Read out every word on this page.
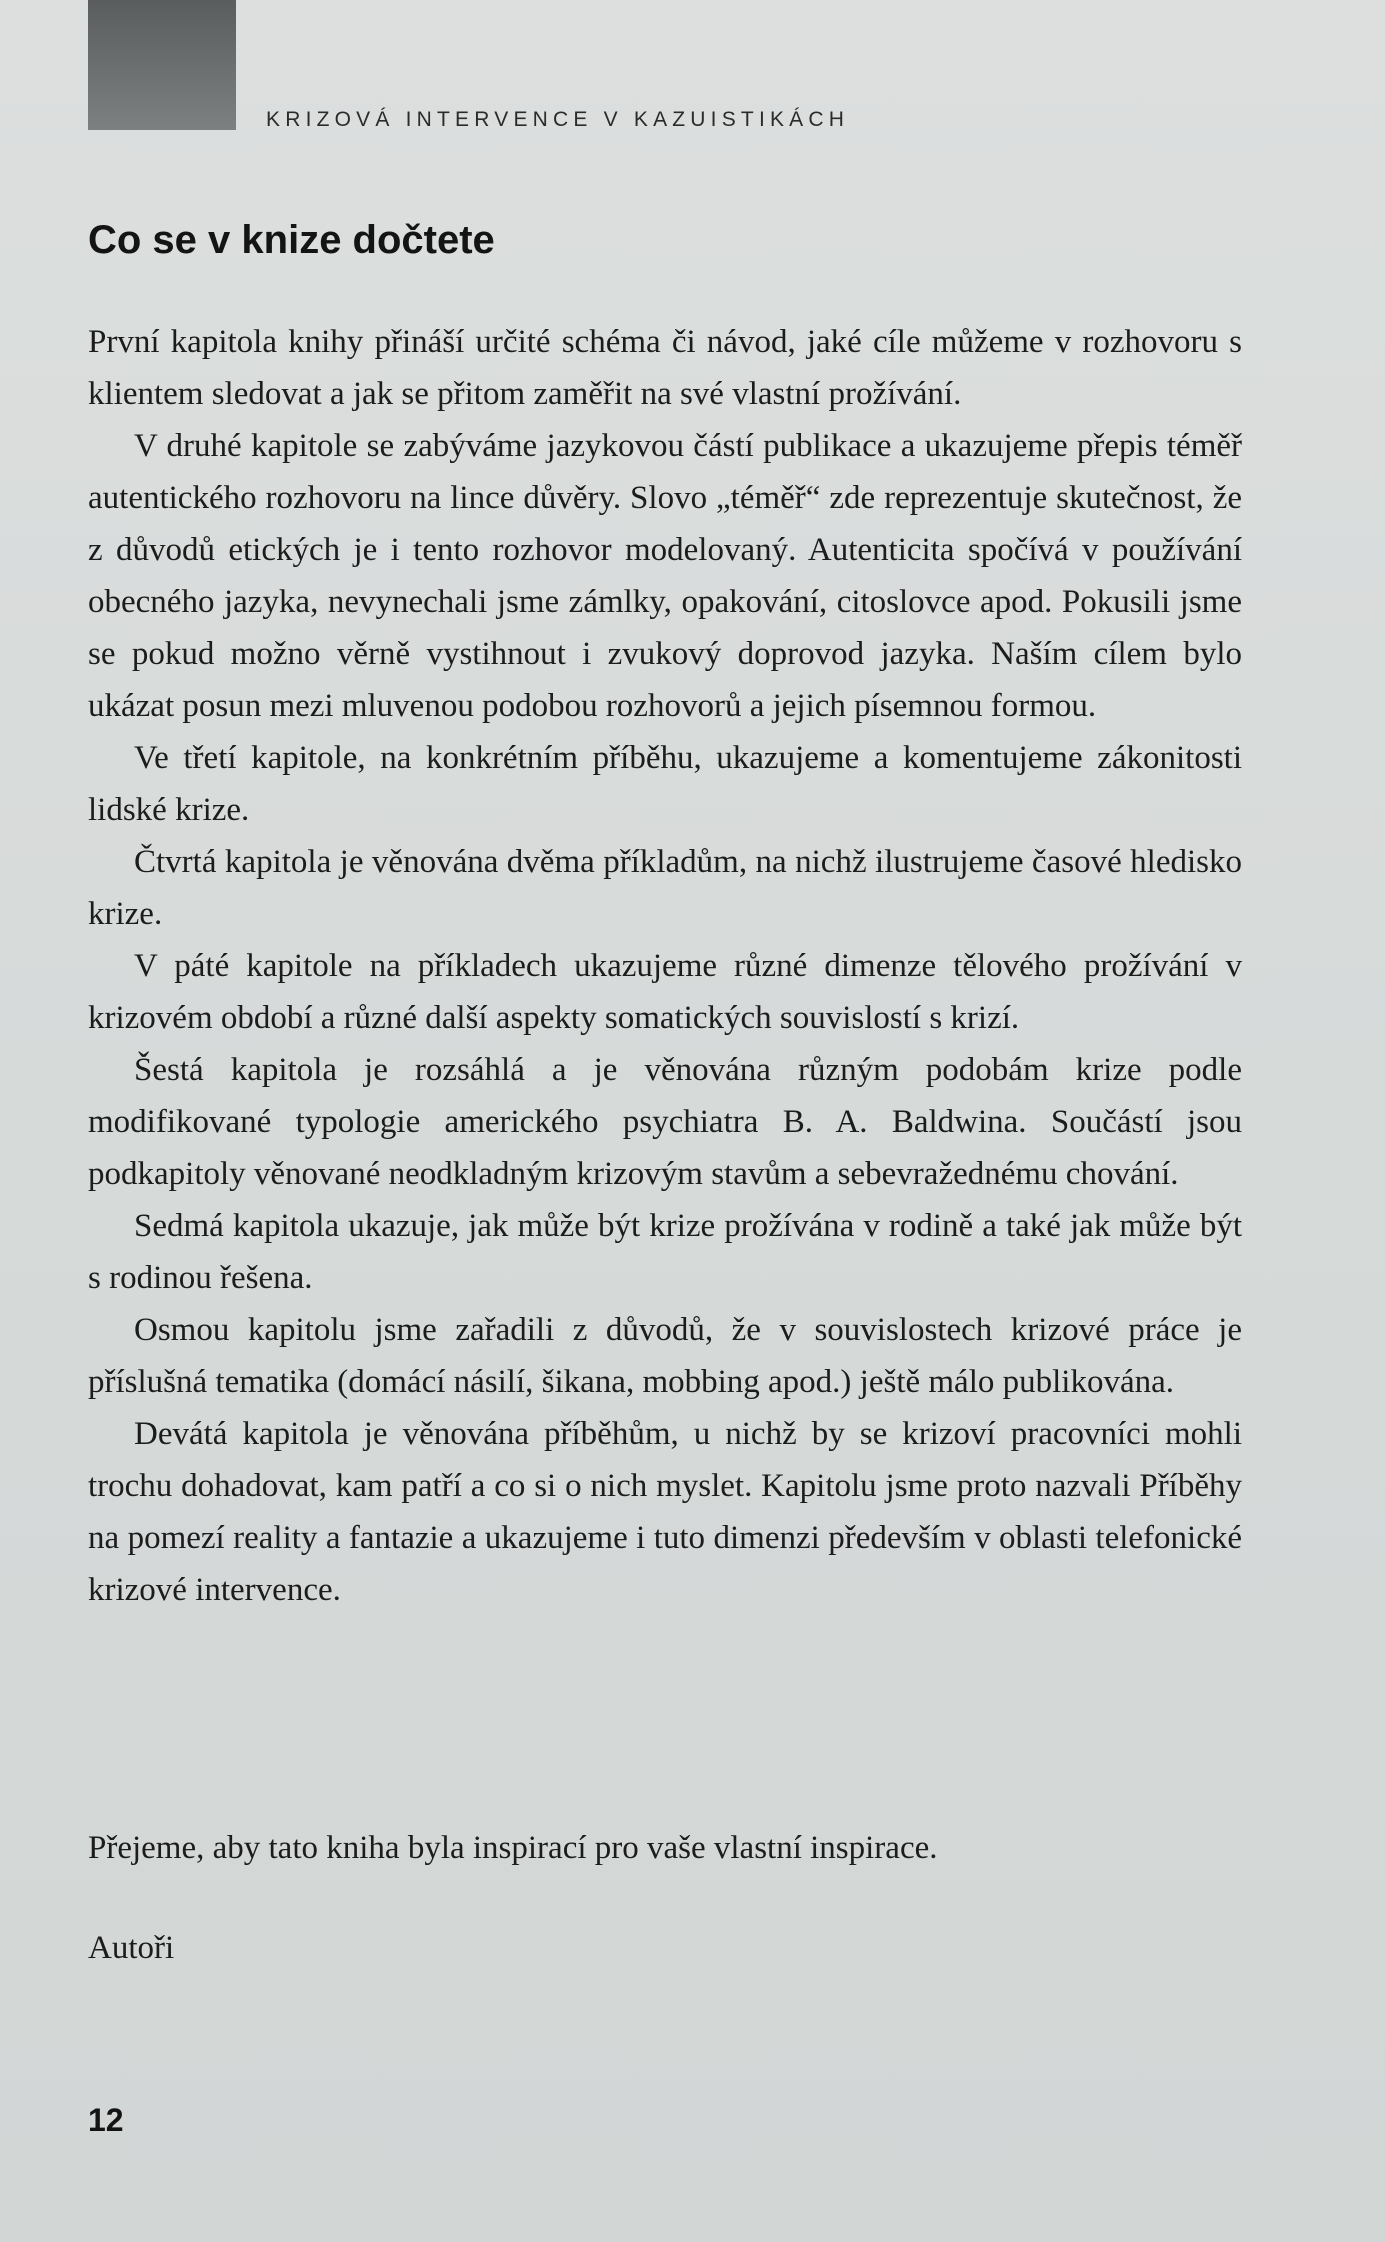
KRIZOVÁ INTERVENCE V KAZUISTIKÁCH
Co se v knize dočtete

První kapitola knihy přináší určité schéma či návod, jaké cíle můžeme v rozhovoru s klientem sledovat a jak se přitom zaměřit na své vlastní prožívání.

V druhé kapitole se zabýváme jazykovou částí publikace a ukazujeme přepis téměř autentického rozhovoru na lince důvěry. Slovo „téměř“ zde reprezentuje skutečnost, že z důvodů etických je i tento rozhovor modelovaný. Autenticita spočívá v používání obecného jazyka, nevynechali jsme zámlky, opakování, citoslovce apod. Pokusili jsme se pokud možno věrně vystihnout i zvukový doprovod jazyka. Naším cílem bylo ukázat posun mezi mluvenou podobou rozhovorů a jejich písemnou formou.

Ve třetí kapitole, na konkrétním příběhu, ukazujeme a komentujeme zákonitosti lidské krize.

Čtvrtá kapitola je věnována dvěma příkladům, na nichž ilustrujeme časové hledisko krize.

V páté kapitole na příkladech ukazujeme různé dimenze tělového prožívání v krizovém období a různé další aspekty somatických souvislostí s krizí.

Šestá kapitola je rozsáhlá a je věnována různým podobám krize podle modifikované typologie amerického psychiatra B. A. Baldwina. Součástí jsou podkapitoly věnované neodkladným krizovým stavům a sebevražednému chování.

Sedmá kapitola ukazuje, jak může být krize prožívána v rodině a také jak může být s rodinou řešena.

Osmou kapitolu jsme zařadili z důvodů, že v souvislostech krizové práce je příslušná tematika (domácí násilí, šikana, mobbing apod.) ještě málo publikována.

Devátá kapitola je věnována příběhům, u nichž by se krizoví pracovníci mohli trochu dohadovat, kam patří a co si o nich myslet. Kapitolu jsme proto nazvali Příběhy na pomezí reality a fantazie a ukazujeme i tuto dimenzi především v oblasti telefonické krizové intervence.

Přejeme, aby tato kniha byla inspirací pro vaše vlastní inspirace.

Autoři

12
